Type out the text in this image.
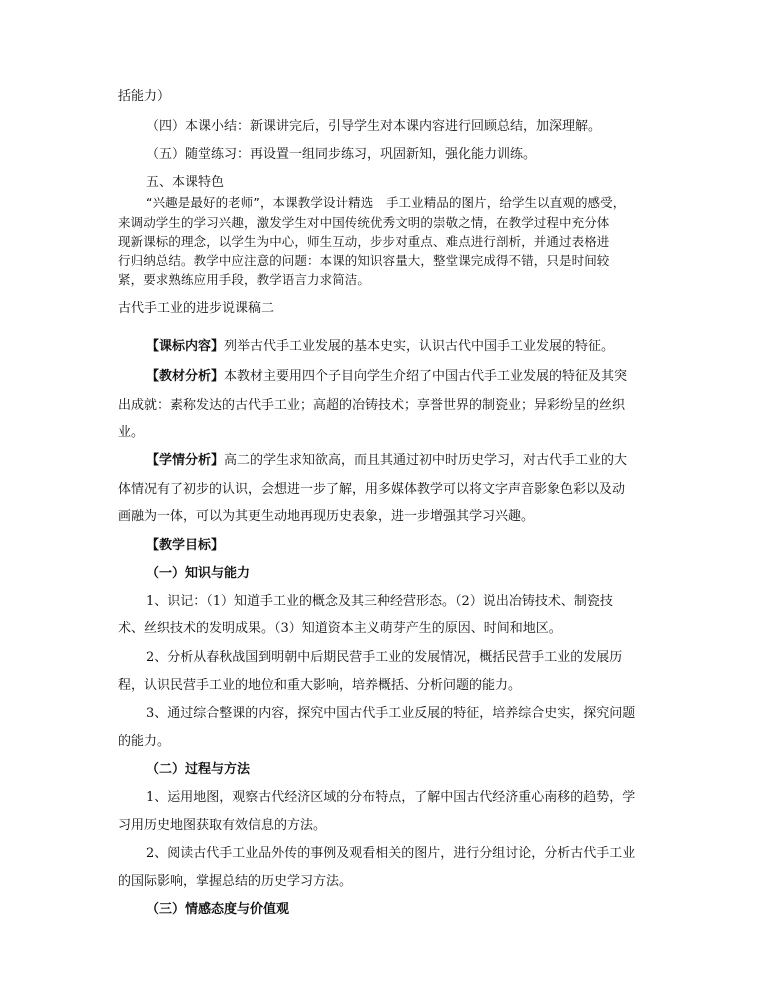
括能力）
（四）本课小结：新课讲完后，引导学生对本课内容进行回顾总结，加深理解。
（五）随堂练习：再设置一组同步练习，巩固新知，强化能力训练。
五、本课特色
“兴趣是最好的老师”，本课教学设计精选　手工业精品的图片，给学生以直观的感受，
来调动学生的学习兴趣，激发学生对中国传统优秀文明的崇敬之情，在教学过程中充分体
现新课标的理念，以学生为中心，师生互动，步步对重点、难点进行剖析，并通过表格进
行归纳总结。教学中应注意的问题：本课的知识容量大，整堂课完成得不错，只是时间较
紧，要求熟练应用手段，教学语言力求简洁。
古代手工业的进步说课稿二
【课标内容】列举古代手工业发展的基本史实，认识古代中国手工业发展的特征。
【教材分析】本教材主要用四个子目向学生介绍了中国古代手工业发展的特征及其突
出成就：素称发达的古代手工业；高超的冶铸技术；享誉世界的制瓷业；异彩纷呈的丝织
业。
【学情分析】高二的学生求知欲高，而且其通过初中时历史学习，对古代手工业的大
体情况有了初步的认识，会想进一步了解，用多媒体教学可以将文字声音影象色彩以及动
画融为一体，可以为其更生动地再现历史表象，进一步增强其学习兴趣。
【教学目标】
（一）知识与能力
1、识记：（1）知道手工业的概念及其三种经营形态。（2）说出冶铸技术、制瓷技
术、丝织技术的发明成果。（3）知道资本主义萌芽产生的原因、时间和地区。
2、分析从春秋战国到明朝中后期民营手工业的发展情况，概括民营手工业的发展历
程，认识民营手工业的地位和重大影响，培养概括、分析问题的能力。
3、通过综合整课的内容，探究中国古代手工业反展的特征，培养综合史实，探究问题
的能力。
（二）过程与方法
1、运用地图，观察古代经济区域的分布特点，了解中国古代经济重心南移的趋势，学
习用历史地图获取有效信息的方法。
2、阅读古代手工业品外传的事例及观看相关的图片，进行分组讨论，分析古代手工业
的国际影响，掌握总结的历史学习方法。
（三）情感态度与价值观
